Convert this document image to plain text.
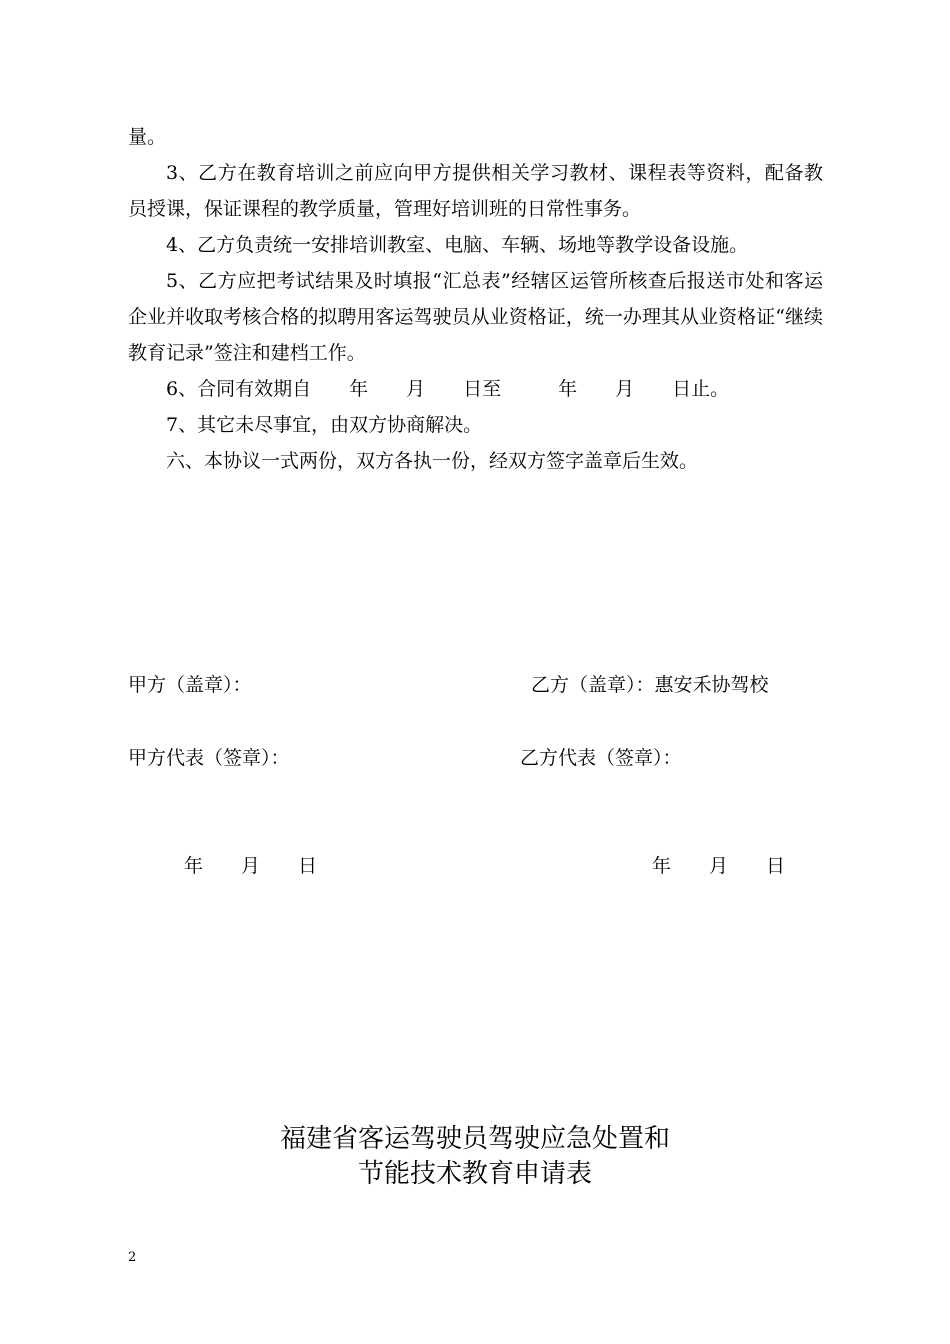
量。

3、乙方在教育培训之前应向甲方提供相关学习教材、课程表等资料，配备教员授课，保证课程的教学质量，管理好培训班的日常性事务。

4、乙方负责统一安排培训教室、电脑、车辆、场地等教学设备设施。

5、乙方应把考试结果及时填报“汇总表”经辖区运管所核查后报送市处和客运企业并收取考核合格的拟聘用客运驾驶员从业资格证，统一办理其从业资格证“继续教育记录”签注和建档工作。

6、合同有效期自　　年　　月　　日至　　　年　　月　　日止。

7、其它未尽事宜，由双方协商解决。

六、本协议一式两份，双方各执一份，经双方签字盖章后生效。

甲方（盖章）：	乙方（盖章）：惠安禾协驾校
甲方代表（签章）：	乙方代表（签章）：
年　　月　　日	年　　月　　日
福建省客运驾驶员驾驶应急处置和
节能技术教育申请表
2
